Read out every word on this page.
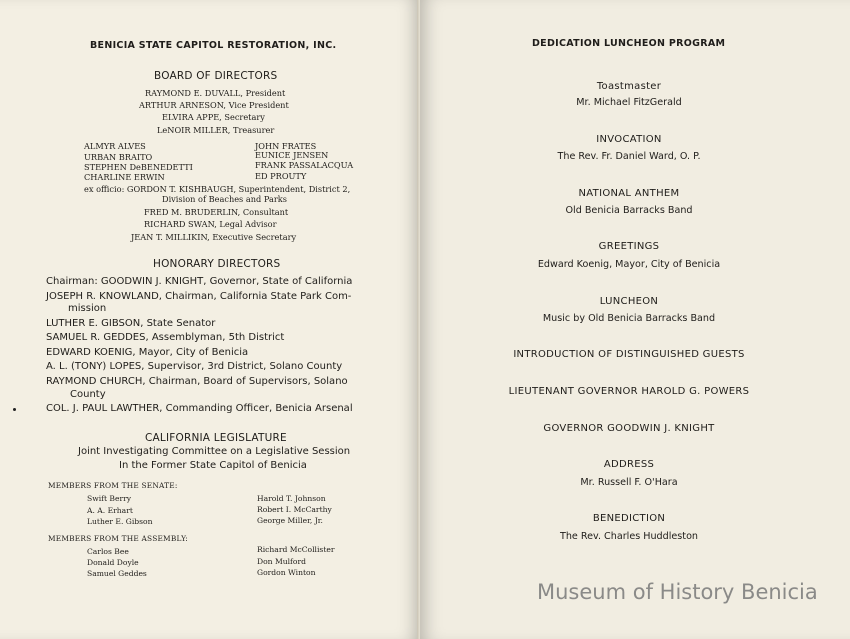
BENICIA STATE CAPITOL RESTORATION, INC.
BOARD OF DIRECTORS
RAYMOND E. DUVALL, President
ARTHUR ARNESON, Vice President
ELVIRA APPE, Secretary
LeNOIR MILLER, Treasurer
ALMYR ALVES
URBAN BRAITO
STEPHEN DeBENEDETTI
CHARLINE ERWIN
JOHN FRATES
EUNICE JENSEN
FRANK PASSALACQUA
ED PROUTY
ex officio: GORDON T. KISHBAUGH, Superintendent, District 2,
Division of Beaches and Parks
FRED M. BRUDERLIN, Consultant
RICHARD SWAN, Legal Advisor
JEAN T. MILLIKIN, Executive Secretary
HONORARY DIRECTORS
Chairman: GOODWIN J. KNIGHT, Governor, State of California
JOSEPH R. KNOWLAND, Chairman, California State Park Com-
mission
LUTHER E. GIBSON, State Senator
SAMUEL R. GEDDES, Assemblyman, 5th District
EDWARD KOENIG, Mayor, City of Benicia
A. L. (TONY) LOPES, Supervisor, 3rd District, Solano County
RAYMOND CHURCH, Chairman, Board of Supervisors, Solano
County
COL. J. PAUL LAWTHER, Commanding Officer, Benicia Arsenal
CALIFORNIA LEGISLATURE
Joint Investigating Committee on a Legislative Session
In the Former State Capitol of Benicia
MEMBERS FROM THE SENATE:
Swift Berry
A. A. Erhart
Luther E. Gibson
Harold T. Johnson
Robert I. McCarthy
George Miller, Jr.
MEMBERS FROM THE ASSEMBLY:
Carlos Bee
Donald Doyle
Samuel Geddes
Richard McCollister
Don Mulford
Gordon Winton
DEDICATION LUNCHEON PROGRAM
Toastmaster
Mr. Michael FitzGerald
INVOCATION
The Rev. Fr. Daniel Ward, O. P.
NATIONAL ANTHEM
Old Benicia Barracks Band
GREETINGS
Edward Koenig, Mayor, City of Benicia
LUNCHEON
Music by Old Benicia Barracks Band
INTRODUCTION OF DISTINGUISHED GUESTS
LIEUTENANT GOVERNOR HAROLD G. POWERS
GOVERNOR GOODWIN J. KNIGHT
ADDRESS
Mr. Russell F. O'Hara
BENEDICTION
The Rev. Charles Huddleston
Museum of History Benicia
